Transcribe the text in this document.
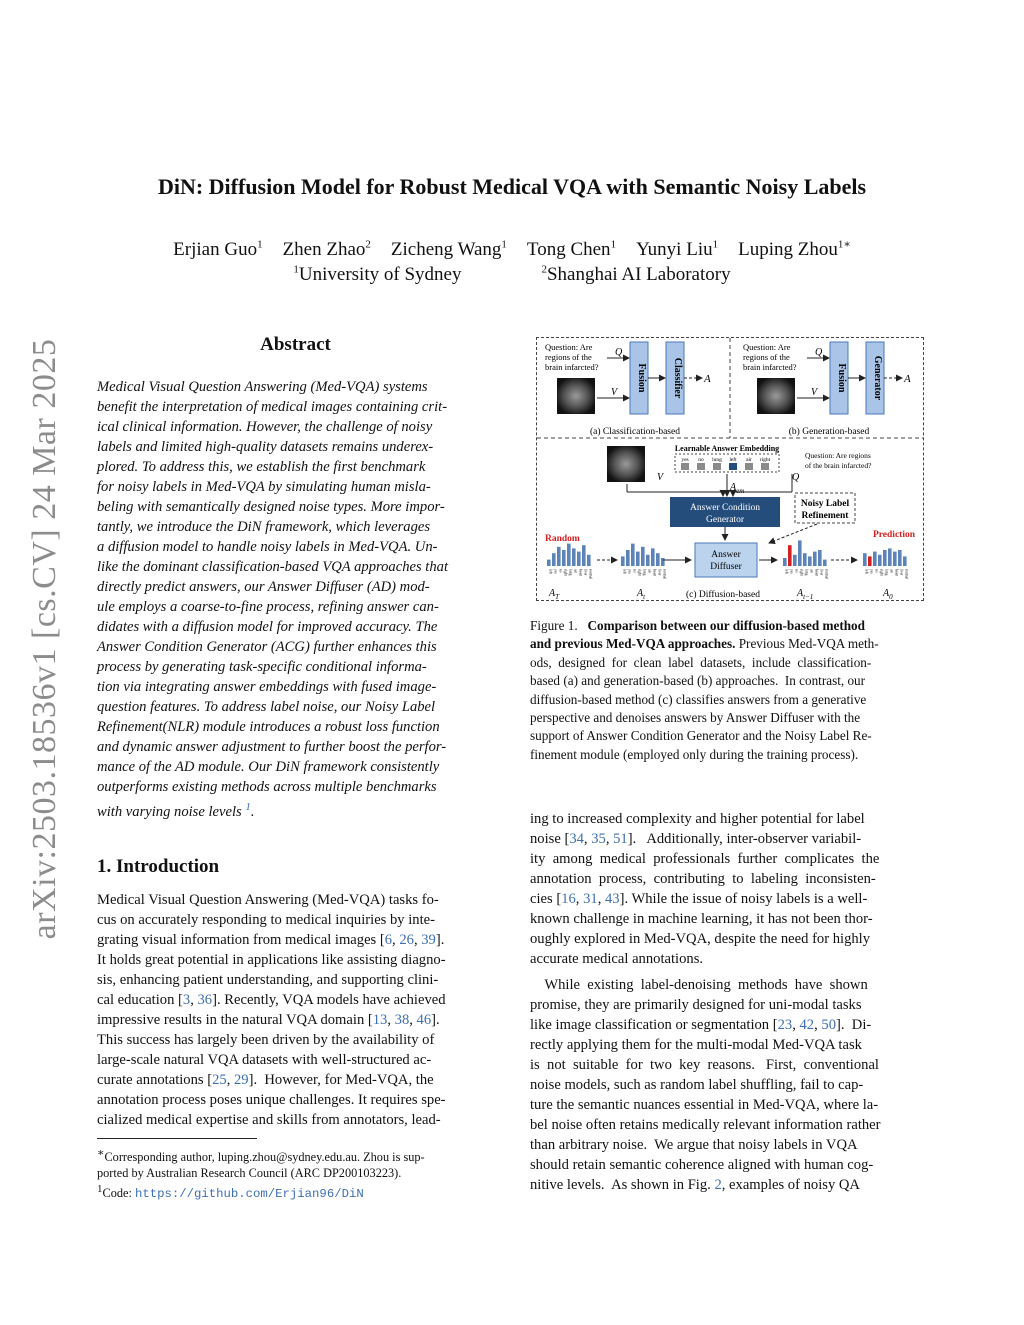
DiN: Diffusion Model for Robust Medical VQA with Semantic Noisy Labels
Erjian Guo$^1$ Zhen Zhao$^2$ Zicheng Wang$^1$ Tong Chen$^1$ Yunyi Liu$^1$ Luping Zhou$^{1∗}$
$^1$University of Sydney	$^2$Shanghai AI Laboratory
arXiv:2503.18536v1 [cs.CV] 24 Mar 2025	Abstract
Medical Visual Question Answering (Med-VQA) systems
benefit the interpretation of medical images containing crit-
ical clinical information. However, the challenge of noisy
labels and limited high-quality datasets remains underex-
plored. To address this, we establish the first benchmark
for noisy labels in Med-VQA by simulating human misla-
beling with semantically designed noise types. More impor-
tantly, we introduce the DiN framework, which leverages
a diffusion model to handle noisy labels in Med-VQA. Un-
like the dominant classification-based VQA approaches that
directly predict answers, our Answer Diffuser (AD) mod-
ule employs a coarse-to-fine process, refining answer can-
didates with a diffusion model for improved accuracy. The
Answer Condition Generator (ACG) further enhances this
process by generating task-specific conditional informa-
tion via integrating answer embeddings with fused image-
question features. To address label noise, our Noisy Label
Refinement(NLR) module introduces a robust loss function
and dynamic answer adjustment to further boost the perfor-
mance of the AD module. Our DiN framework consistently
outperforms existing methods across multiple benchmarks
with varying noise levels $^1$.
1. Introduction
Medical Visual Question Answering (Med-VQA) tasks fo-
cus on accurately responding to medical inquiries by inte-
grating visual information from medical images [6, 26, 39].
It holds great potential in applications like assisting diagno-
sis, enhancing patient understanding, and supporting clini-
cal education [3, 36]. Recently, VQA models have achieved
impressive results in the natural VQA domain [13, 38, 46].
This success has largely been driven by the availability of
large-scale natural VQA datasets with well-structured ac-
curate annotations [25, 29].  However, for Med-VQA, the
annotation process poses unique challenges. It requires spe-
cialized medical expertise and skills from annotators, lead-
∗Corresponding author, luping.zhou@sydney.edu.au. Zhou is sup-
ported by Australian Research Council (ARC DP200103223).
$^1$Code: https://github.com/Erjian96/DiN
Question: Are
regions of the
brain infarcted?
Q
V
Fusion	Classifier A
(a) Classification-based
Question: Are
regions of the
brain infarcted?
Q
V
Fusion	Generator A
(b) Generation-based
Learnable Answer Embedding
yes no lung left air right	Question: Are regions
of the brain infarcted?
V	Q
$A_{em}$
Answer Condition
Generator
Noisy Label
Refinement
Answer
Diffuser
Random	Prediction
left yes no right lung air heart liver normal	left yes no right lung air heart liver normal	left yes no right lung air heart liver normal	left yes no right lung air heart liver normal
$A_T$	$A_t$	(c) Diffusion-based	$A_{t-1}$	$A_0$
Figure 1.   Comparison between our diffusion-based method
and previous Med-VQA approaches. Previous Med-VQA meth-
ods,  designed  for  clean  label  datasets,  include  classification-
based (a) and generation-based (b) approaches.  In contrast, our
diffusion-based method (c) classifies answers from a generative
perspective and denoises answers by Answer Diffuser with the
support of Answer Condition Generator and the Noisy Label Re-
finement module (employed only during the training process).
ing to increased complexity and higher potential for label
noise [34, 35, 51].   Additionally, inter-observer variabil-
ity  among  medical  professionals  further  complicates  the
annotation  process,  contributing  to  labeling  inconsisten-
cies [16, 31, 43]. While the issue of noisy labels is a well-
known challenge in machine learning, it has not been thor-
oughly explored in Med-VQA, despite the need for highly
accurate medical annotations.

While  existing  label-denoising  methods  have  shown
promise, they are primarily designed for uni-modal tasks
like image classification or segmentation [23, 42, 50].  Di-
rectly applying them for the multi-modal Med-VQA task
is  not  suitable  for  two  key  reasons.   First,  conventional
noise models, such as random label shuffling, fail to cap-
ture the semantic nuances essential in Med-VQA, where la-
bel noise often retains medically relevant information rather
than arbitrary noise.  We argue that noisy labels in VQA
should retain semantic coherence aligned with human cog-
nitive levels.  As shown in Fig. 2, examples of noisy QA
